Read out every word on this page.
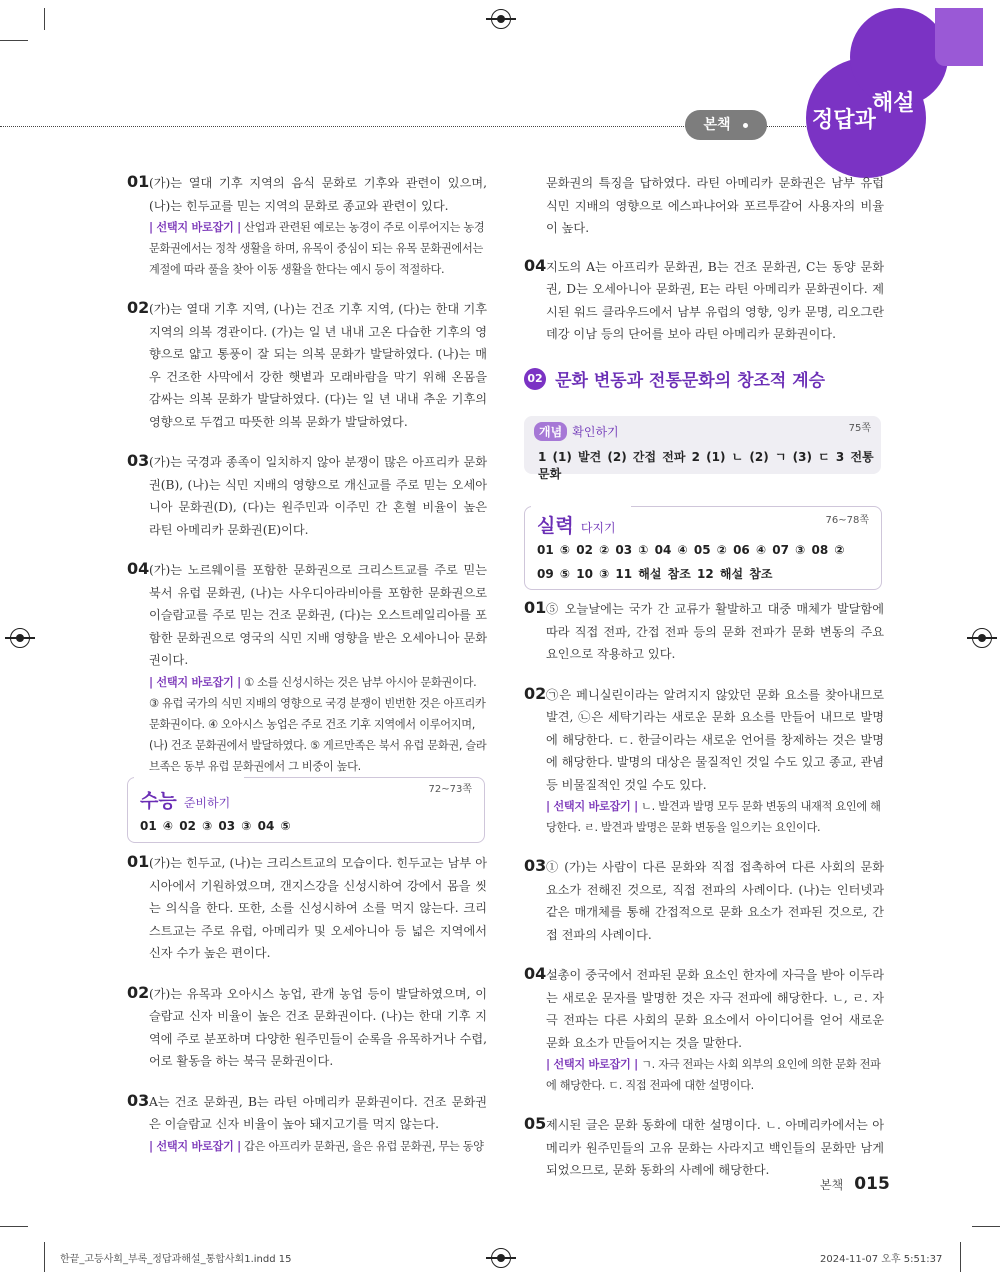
본책	정답과
해설
01 (가)는 열대 기후 지역의 음식 문화로 기후와 관련이 있으며, (나)는 힌두교를 믿는 지역의 문화로 종교와 관련이 있다.
| 선택지 바로잡기 | 산업과 관련된 예로는 농경이 주로 이루어지는 농경 문화권에서는 정착 생활을 하며, 유목이 중심이 되는 유목 문화권에서는 계절에 따라 풀을 찾아 이동 생활을 한다는 예시 등이 적절하다.
02 (가)는 열대 기후 지역, (나)는 건조 기후 지역, (다)는 한대 기후 지역의 의복 경관이다. (가)는 일 년 내내 고온 다습한 기후의 영향으로 얇고 통풍이 잘 되는 의복 문화가 발달하였다. (나)는 매우 건조한 사막에서 강한 햇볕과 모래바람을 막기 위해 온몸을 감싸는 의복 문화가 발달하였다. (다)는 일 년 내내 추운 기후의 영향으로 두껍고 따뜻한 의복 문화가 발달하였다.
03 (가)는 국경과 종족이 일치하지 않아 분쟁이 많은 아프리카 문화권(B), (나)는 식민 지배의 영향으로 개신교를 주로 믿는 오세아니아 문화권(D), (다)는 원주민과 이주민 간 혼혈 비율이 높은 라틴 아메리카 문화권(E)이다.
04 (가)는 노르웨이를 포함한 문화권으로 크리스트교를 주로 믿는 북서 유럽 문화권, (나)는 사우디아라비아를 포함한 문화권으로 이슬람교를 주로 믿는 건조 문화권, (다)는 오스트레일리아를 포함한 문화권으로 영국의 식민 지배 영향을 받은 오세아니아 문화권이다.
| 선택지 바로잡기 | ① 소를 신성시하는 것은 남부 아시아 문화권이다. ③ 유럽 국가의 식민 지배의 영향으로 국경 분쟁이 빈번한 것은 아프리카 문화권이다. ④ 오아시스 농업은 주로 건조 기후 지역에서 이루어지며, (나) 건조 문화권에서 발달하였다. ⑤ 게르만족은 북서 유럽 문화권, 슬라브족은 동부 유럽 문화권에서 그 비중이 높다.
수능 준비하기
72~73쪽
01 ④ 02 ③ 03 ③ 04 ⑤
01 (가)는 힌두교, (나)는 크리스트교의 모습이다. 힌두교는 남부 아시아에서 기원하였으며, 갠지스강을 신성시하여 강에서 몸을 씻는 의식을 한다. 또한, 소를 신성시하여 소를 먹지 않는다. 크리스트교는 주로 유럽, 아메리카 및 오세아니아 등 넓은 지역에서 신자 수가 높은 편이다.
02 (가)는 유목과 오아시스 농업, 관개 농업 등이 발달하였으며, 이슬람교 신자 비율이 높은 건조 문화권이다. (나)는 한대 기후 지역에 주로 분포하며 다양한 원주민들이 순록을 유목하거나 수렵, 어로 활동을 하는 북극 문화권이다.
03 A는 건조 문화권, B는 라틴 아메리카 문화권이다. 건조 문화권은 이슬람교 신자 비율이 높아 돼지고기를 먹지 않는다.
| 선택지 바로잡기 | 갑은 아프리카 문화권, 을은 유럽 문화권, 무는 동양
문화권의 특징을 답하였다. 라틴 아메리카 문화권은 남부 유럽 식민 지배의 영향으로 에스파냐어와 포르투갈어 사용자의 비율이 높다.
04 지도의 A는 아프리카 문화권, B는 건조 문화권, C는 동양 문화권, D는 오세아니아 문화권, E는 라틴 아메리카 문화권이다. 제시된 워드 클라우드에서 남부 유럽의 영향, 잉카 문명, 리오그란데강 이남 등의 단어를 보아 라틴 아메리카 문화권이다.
02 문화 변동과 전통문화의 창조적 계승
개념 확인하기	75쪽
1 (1) 발견 (2) 간접 전파 2 (1) ㄴ (2) ㄱ (3) ㄷ 3 전통문화
실력 다지기
76~78쪽
01 ⑤ 02 ② 03 ① 04 ④ 05 ② 06 ④ 07 ③ 08 ②
09 ⑤ 10 ③ 11 해설 참조 12 해설 참조
01 ⑤ 오늘날에는 국가 간 교류가 활발하고 대중 매체가 발달함에 따라 직접 전파, 간접 전파 등의 문화 전파가 문화 변동의 주요 요인으로 작용하고 있다.
02 ㉠은 페니실린이라는 알려지지 않았던 문화 요소를 찾아내므로 발견, ㉡은 세탁기라는 새로운 문화 요소를 만들어 내므로 발명에 해당한다. ㄷ. 한글이라는 새로운 언어를 창제하는 것은 발명에 해당한다. 발명의 대상은 물질적인 것일 수도 있고 종교, 관념 등 비물질적인 것일 수도 있다.
| 선택지 바로잡기 | ㄴ. 발견과 발명 모두 문화 변동의 내재적 요인에 해당한다. ㄹ. 발견과 발명은 문화 변동을 일으키는 요인이다.
03 ① (가)는 사람이 다른 문화와 직접 접촉하여 다른 사회의 문화 요소가 전해진 것으로, 직접 전파의 사례이다. (나)는 인터넷과 같은 매개체를 통해 간접적으로 문화 요소가 전파된 것으로, 간접 전파의 사례이다.
04 설총이 중국에서 전파된 문화 요소인 한자에 자극을 받아 이두라는 새로운 문자를 발명한 것은 자극 전파에 해당한다. ㄴ, ㄹ. 자극 전파는 다른 사회의 문화 요소에서 아이디어를 얻어 새로운 문화 요소가 만들어지는 것을 말한다.
| 선택지 바로잡기 | ㄱ. 자극 전파는 사회 외부의 요인에 의한 문화 전파에 해당한다. ㄷ. 직접 전파에 대한 설명이다.
05 제시된 글은 문화 동화에 대한 설명이다. ㄴ. 아메리카에서는 아메리카 원주민들의 고유 문화는 사라지고 백인들의 문화만 남게 되었으므로, 문화 동화의 사례에 해당한다.
본책 015
한끝_고등사회_부록_정답과해설_통합사회1.indd 15	2024-11-07 오후 5:51:37
